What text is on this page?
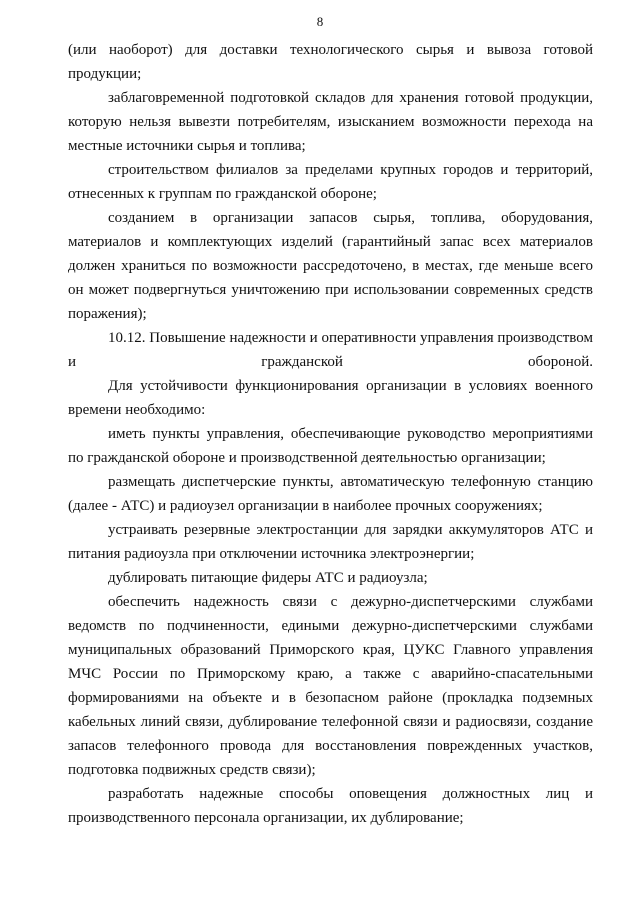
8

(или наоборот) для доставки технологического сырья и вывоза готовой продукции;

заблаговременной подготовкой складов для хранения готовой продукции, которую нельзя вывезти потребителям, изысканием возможности перехода на местные источники сырья и топлива;

строительством филиалов за пределами крупных городов и территорий, отнесенных к группам по гражданской обороне;

созданием в организации запасов сырья, топлива, оборудования, материалов и комплектующих изделий (гарантийный запас всех материалов должен храниться по возможности рассредоточено, в местах, где меньше всего он может подвергнуться уничтожению при использовании современных средств поражения);

10.12. Повышение надежности и оперативности управления производством и гражданской обороной.

Для устойчивости функционирования организации в условиях военного времени необходимо:

иметь пункты управления, обеспечивающие руководство мероприятиями по гражданской обороне и производственной деятельностью организации;

размещать диспетчерские пункты, автоматическую телефонную станцию (далее - АТС) и радиоузел организации в наиболее прочных сооружениях;

устраивать резервные электростанции для зарядки аккумуляторов АТС и питания радиоузла при отключении источника электроэнергии;

дублировать питающие фидеры АТС и радиоузла;

обеспечить надежность связи с дежурно-диспетчерскими службами ведомств по подчиненности, едиными дежурно-диспетчерскими службами муниципальных образований Приморского края, ЦУКС Главного управления МЧС России по Приморскому краю, а также с аварийно-спасательными формированиями на объекте и в безопасном районе (прокладка подземных кабельных линий связи, дублирование телефонной связи и радиосвязи, создание запасов телефонного провода для восстановления поврежденных участков, подготовка подвижных средств связи);

разработать надежные способы оповещения должностных лиц и производственного персонала организации, их дублирование;
